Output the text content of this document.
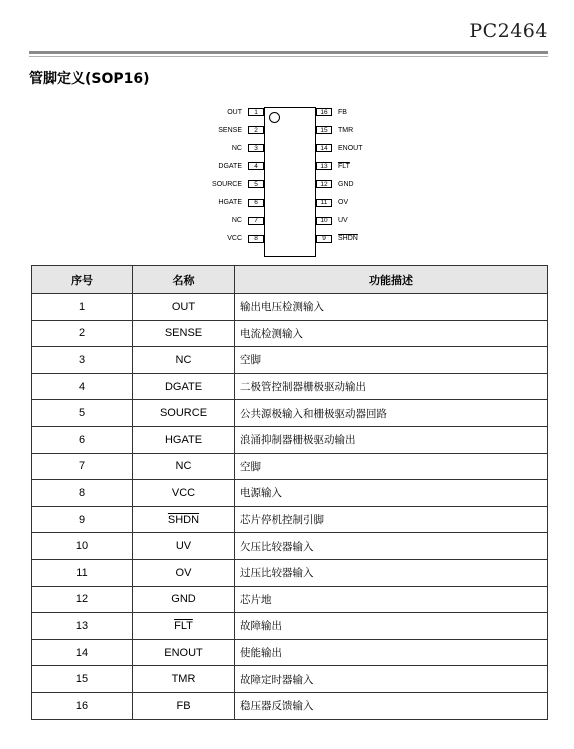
PC2464
管脚定义(SOP16)
OUT	1
SENSE	2
NC	3
DGATE	4
SOURCE	5
HGATE	6
NC	7
VCC	8
16	FB
15	TMR
14	ENOUT
13	$\overline{FLT}$
12	GND
11	OV
10	UV
9	SHDN
序号	名称	功能描述
1	OUT	输出电压检测输入
2	SENSE	电流检测输入
3	NC	空脚
4	DGATE	二极管控制器栅极驱动输出
5	SOURCE	公共源极输入和栅极驱动器回路
6	HGATE	浪涌抑制器栅极驱动输出
7	NC	空脚
8	VCC	电源输入
9	SHDN	芯片停机控制引脚
10	UV	欠压比较器输入
11	OV	过压比较器输入
12	GND	芯片地
13	$\overline{FLT}$	故障输出
14	ENOUT	使能输出
15	TMR	故障定时器输入
16	FB	稳压器反馈输入
